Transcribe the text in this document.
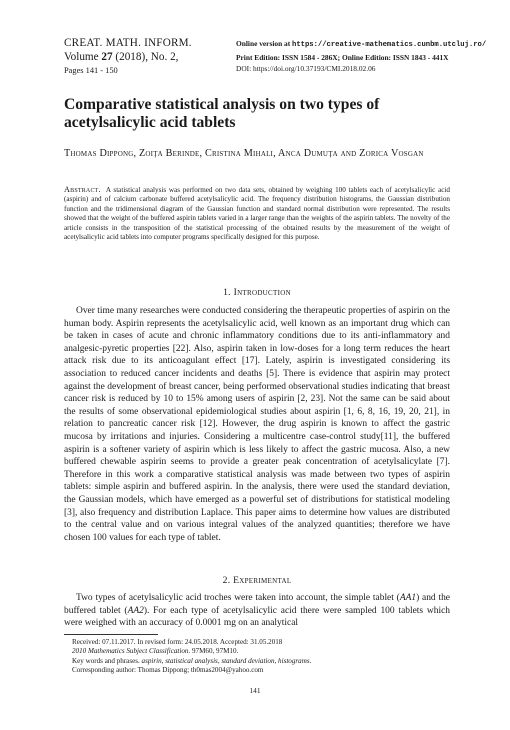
CREAT. MATH. INFORM.
Volume 27 (2018), No. 2,
Pages 141 - 150
Online version at https://creative-mathematics.cunbm.utcluj.ro/
Print Edition: ISSN 1584 - 286X; Online Edition: ISSN 1843 - 441X
DOI: https://doi.org/10.37193/CMI.2018.02.06
Comparative statistical analysis on two types of acetylsalicylic acid tablets
Thomas Dippong, Zoiţa Berinde, Cristina Mihali, Anca Dumuţa and Zorica Vosgan
Abstract. A statistical analysis was performed on two data sets, obtained by weighing 100 tablets each of acetylsalicylic acid (aspirin) and of calcium carbonate buffered acetylsalicylic acid. The frequency distribution histograms, the Gaussian distribution function and the tridimensional diagram of the Gaussian function and standard normal distribution were represented. The results showed that the weight of the buffered aspirin tablets varied in a larger range than the weights of the aspirin tablets. The novelty of the article consists in the transposition of the statistical processing of the obtained results by the measurement of the weight of acetylsalicylic acid tablets into computer programs specifically designed for this purpose.
1. Introduction

Over time many researches were conducted considering the therapeutic properties of aspirin on the human body. Aspirin represents the acetylsalicylic acid, well known as an important drug which can be taken in cases of acute and chronic inflammatory conditions due to its anti-inflammatory and analgesic-pyretic properties [22]. Also, aspirin taken in low-doses for a long term reduces the heart attack risk due to its anticoagulant effect [17]. Lately, aspirin is investigated considering its association to reduced cancer incidents and deaths [5]. There is evidence that aspirin may protect against the development of breast cancer, being performed observational studies indicating that breast cancer risk is reduced by 10 to 15% among users of aspirin [2, 23]. Not the same can be said about the results of some observational epidemiological studies about aspirin [1, 6, 8, 16, 19, 20, 21], in relation to pancreatic cancer risk [12]. However, the drug aspirin is known to affect the gastric mucosa by irritations and injuries. Considering a multicentre case-control study[11], the buffered aspirin is a softener variety of aspirin which is less likely to affect the gastric mucosa. Also, a new buffered chewable aspirin seems to provide a greater peak concentration of acetylsalicylate [7]. Therefore in this work a comparative statistical analysis was made between two types of aspirin tablets: simple aspirin and buffered aspirin. In the analysis, there were used the standard deviation, the Gaussian models, which have emerged as a powerful set of distributions for statistical modeling [3], also frequency and distribution Laplace. This paper aims to determine how values are distributed to the central value and on various integral values of the analyzed quantities; therefore we have chosen 100 values for each type of tablet.

2. Experimental

Two types of acetylsalicylic acid troches were taken into account, the simple tablet (AA1) and the buffered tablet (AA2). For each type of acetylsalicylic acid there were sampled 100 tablets which were weighed with an accuracy of 0.0001 mg on an analytical

Received: 07.11.2017. In revised form: 24.05.2018. Accepted: 31.05.2018
2010 Mathematics Subject Classification. 97M60, 97M10.
Key words and phrases. aspirin, statistical analysis, standard deviation, histograms.
Corresponding author: Thomas Dippong; th0mas2004@yahoo.com
141
